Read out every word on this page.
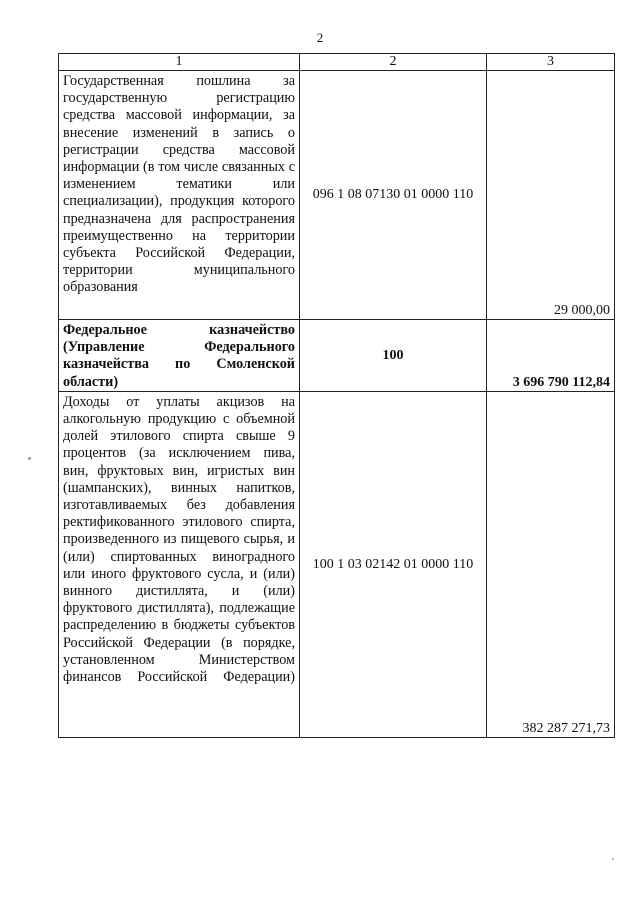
2
1	2	3

Государственная пошлина за государственную регистрацию средства массовой информации, за внесение изменений в запись о регистрации средства массовой информации (в том числе связанных с изменением тематики или специализации), продукция которого предназначена для распространения преимущественно на территории субъекта Российской Федерации, территории муниципального образования	096 1 08 07130 01 0000 110	29 000,00

Федеральное казначейство (Управление Федерального казначейства по Смоленской области)	100	3 696 790 112,84

Доходы от уплаты акцизов на алкогольную продукцию с объемной долей этилового спирта свыше 9 процентов (за исключением пива, вин, фруктовых вин, игристых вин (шампанских), винных напитков, изготавливаемых без добавления ректификованного этилового спирта, произведенного из пищевого сырья, и (или) спиртованных виноградного или иного фруктового сусла, и (или) винного дистиллята, и (или) фруктового дистиллята), подлежащие распределению в бюджеты субъектов Российской Федерации (в порядке, установленном Министерством финансов Российской Федерации)	100 1 03 02142 01 0000 110	382 287 271,73
